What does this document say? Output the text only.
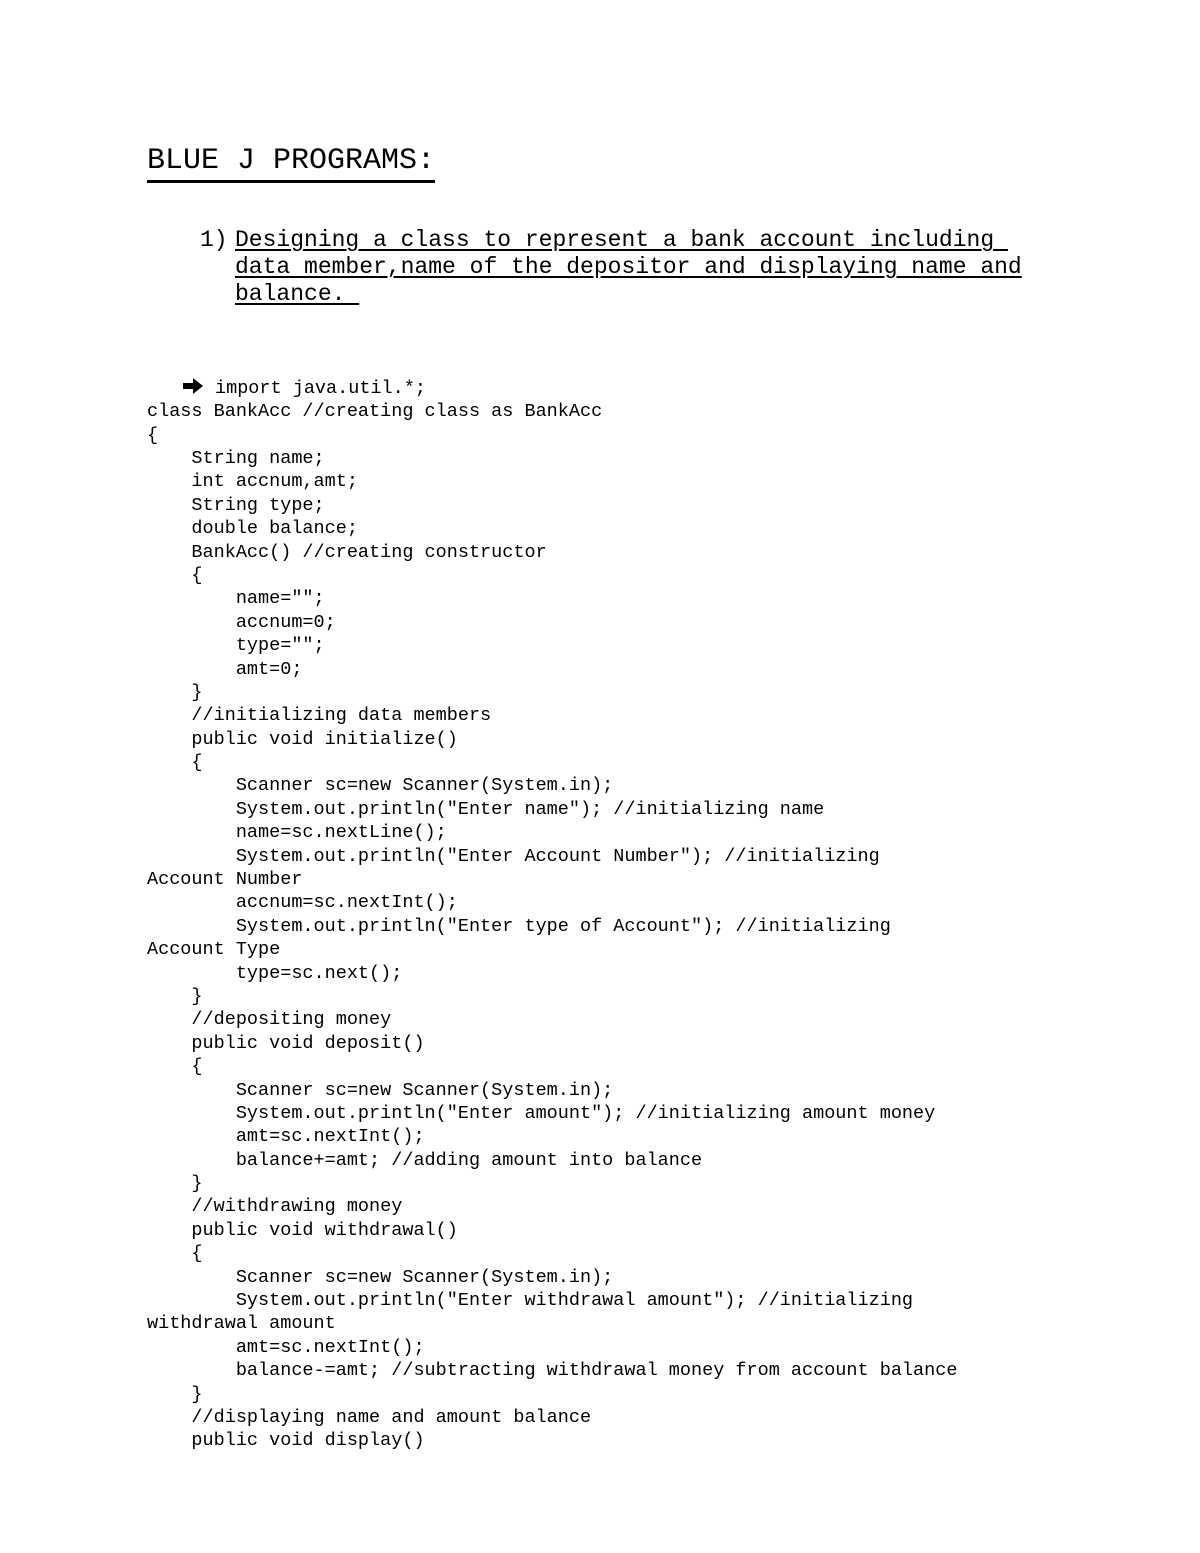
BLUE J PROGRAMS:
1) Designing a class to represent a bank account including
data member,name of the depositor and displaying name and
balance.

import java.util.*;
class BankAcc //creating class as BankAcc
{
String name;
int accnum,amt;
String type;
double balance;
BankAcc() //creating constructor
{
name="";
accnum=0;
type="";
amt=0;
}
//initializing data members
public void initialize()
{
Scanner sc=new Scanner(System.in);
System.out.println("Enter name"); //initializing name
name=sc.nextLine();
System.out.println("Enter Account Number"); //initializing
Account Number
accnum=sc.nextInt();
System.out.println("Enter type of Account"); //initializing
Account Type
type=sc.next();
}
//depositing money
public void deposit()
{
Scanner sc=new Scanner(System.in);
System.out.println("Enter amount"); //initializing amount money
amt=sc.nextInt();
balance+=amt; //adding amount into balance
}
//withdrawing money
public void withdrawal()
{
Scanner sc=new Scanner(System.in);
System.out.println("Enter withdrawal amount"); //initializing
withdrawal amount
amt=sc.nextInt();
balance-=amt; //subtracting withdrawal money from account balance
}
//displaying name and amount balance
public void display()
